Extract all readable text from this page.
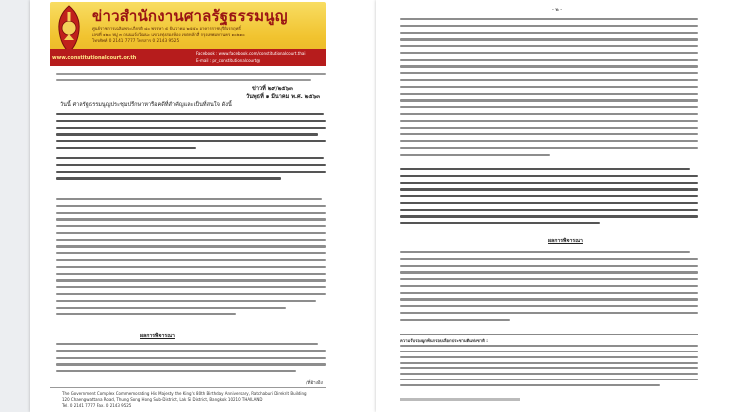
ข่าวสำนักงานศาลรัฐธรรมนูญ
ศูนย์ราชการเฉลิมพระเกียรติ ๘๐ พรรษา ๕ ธันวาคม ๒๕๕๐ อาคารราชบุรีดิเรกฤทธิ์
เลขที่ ๑๒๐ หมู่ ๓ ถนนแจ้งวัฒนะ แขวงทุ่งสองห้อง เขตหลักสี่ กรุงเทพมหานคร ๑๐๒๑๐
โทรศัพท์ 0 2141 7777 โทรสาร 0 2143 9525
www.constitutionalcourt.or.th
Facebook : www.facebook.com/constitutionalcourt.thai
E-mail : pr_constitutionalcourt@
ข่าวที่ ๒๙/๒๕๖๓
วันพุธที่ ๑ มีนาคม พ.ศ. ๒๕๖๓
วันนี้ ศาลรัฐธรรมนูญประชุมปรึกษาหารือคดีที่สำคัญและเป็นที่สนใจ ดังนี้
ผลการพิจารณา
/ที่อ้างอิง
The Government Complex Commemorating His Majesty the King's 80th Birthday Anniversary, Ratchaburi Direkrit Building
120 Chaengwattana Road, Thung Song Hong Sub-District, Lak Si District, Bangkok 10210 THAILAND
Tel. 0 2141 7777 Fax. 0 2143 9525
- ๒ -
ผลการพิจารณา
ความรับรองผูกพันกรอบเลือกประชามติแห่งชาติ :
